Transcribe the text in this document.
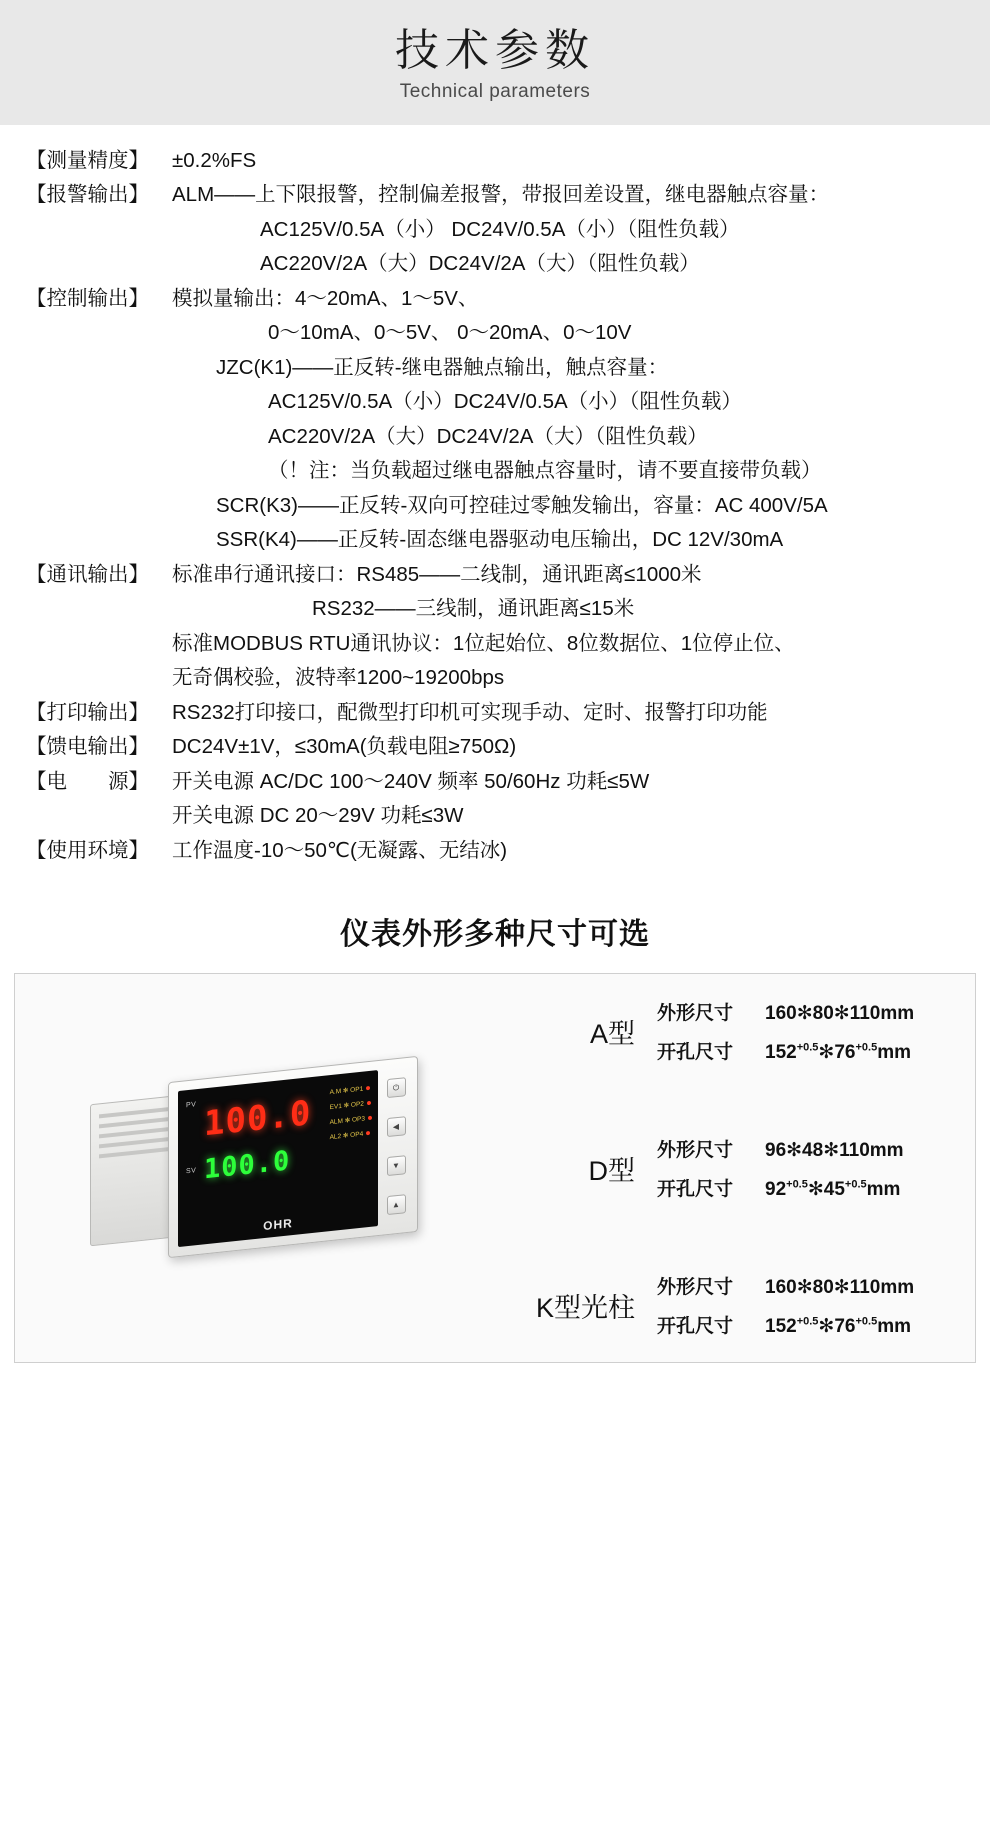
技术参数
Technical parameters
【测量精度】	±0.2%FS
【报警输出】	ALM——上下限报警，控制偏差报警，带报回差设置，继电器触点容量：
AC125V/0.5A（小） DC24V/0.5A（小）（阻性负载）
AC220V/2A（大）DC24V/2A（大）（阻性负载）
【控制输出】	模拟量输出：4～20mA、1～5V、
0～10mA、0～5V、 0～20mA、0～10V
JZC(K1)——正反转-继电器触点输出，触点容量：
AC125V/0.5A（小）DC24V/0.5A（小）（阻性负载）
AC220V/2A（大）DC24V/2A（大）（阻性负载）
（！注：当负载超过继电器触点容量时，请不要直接带负载）
SCR(K3)——正反转-双向可控硅过零触发输出，容量：AC 400V/5A
SSR(K4)——正反转-固态继电器驱动电压输出，DC 12V/30mA
【通讯输出】	标准串行通讯接口：RS485——二线制，通讯距离≤1000米
RS232——三线制，通讯距离≤15米
标准MODBUS RTU通讯协议：1位起始位、8位数据位、1位停止位、
无奇偶校验，波特率1200~19200bps
【打印输出】	RS232打印接口，配微型打印机可实现手动、定时、报警打印功能
【馈电输出】	DC24V±1V，≤30mA(负载电阻≥750Ω)
【电　　源】	开关电源 AC/DC 100～240V 频率 50/60Hz 功耗≤5W
开关电源 DC 20～29V 功耗≤3W
【使用环境】	工作温度-10～50℃(无凝露、无结冰)
仪表外形多种尺寸可选
PV 100.0
SV 100.0
A.M ✻ OP1
EV1 ✻ OP2
ALM ✻ OP3
AL2 ✻ OP4
OHR
⏻
◀
▼
▲
A型
外形尺寸 160✻80✻110mm
开孔尺寸 $152^{+0.5}✻76^{+0.5}mm$
D型
外形尺寸 96✻48✻110mm
开孔尺寸 $92^{+0.5}✻45^{+0.5}mm$
K型光柱
外形尺寸 160✻80✻110mm
开孔尺寸 $152^{+0.5}✻76^{+0.5}mm$
